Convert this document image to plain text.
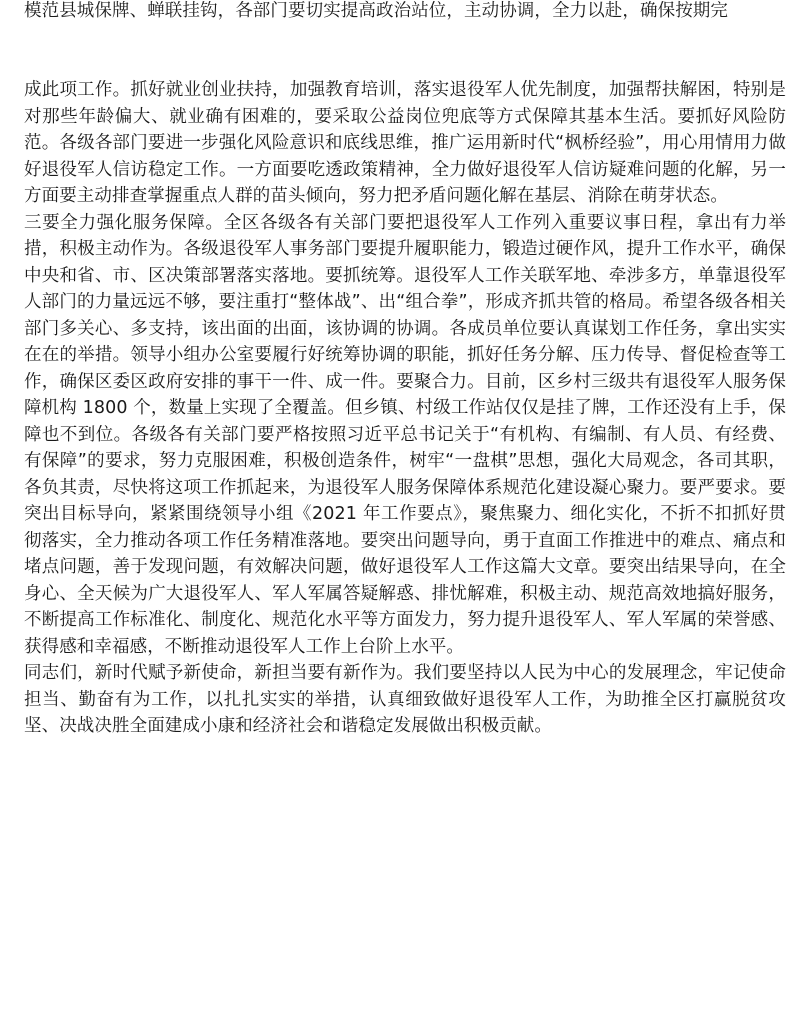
模范县城保牌、蝉联挂钩，各部门要切实提高政治站位，主动协调，全力以赴，确保按期完

成此项工作。抓好就业创业扶持，加强教育培训，落实退役军人优先制度，加强帮扶解困，特别是对那些年龄偏大、就业确有困难的，要采取公益岗位兜底等方式保障其基本生活。要抓好风险防范。各级各部门要进一步强化风险意识和底线思维，推广运用新时代“枫桥经验”，用心用情用力做好退役军人信访稳定工作。一方面要吃透政策精神，全力做好退役军人信访疑难问题的化解，另一方面要主动排查掌握重点人群的苗头倾向，努力把矛盾问题化解在基层、消除在萌芽状态。

三要全力强化服务保障。全区各级各有关部门要把退役军人工作列入重要议事日程，拿出有力举措，积极主动作为。各级退役军人事务部门要提升履职能力，锻造过硬作风，提升工作水平，确保中央和省、市、区决策部署落实落地。要抓统筹。退役军人工作关联军地、牵涉多方，单靠退役军人部门的力量远远不够，要注重打“整体战”、出“组合拳”，形成齐抓共管的格局。希望各级各相关部门多关心、多支持，该出面的出面，该协调的协调。各成员单位要认真谋划工作任务，拿出实实在在的举措。领导小组办公室要履行好统筹协调的职能，抓好任务分解、压力传导、督促检查等工作，确保区委区政府安排的事干一件、成一件。要聚合力。目前，区乡村三级共有退役军人服务保障机构 1800 个，数量上实现了全覆盖。但乡镇、村级工作站仅仅是挂了牌，工作还没有上手，保障也不到位。各级各有关部门要严格按照习近平总书记关于“有机构、有编制、有人员、有经费、有保障”的要求，努力克服困难，积极创造条件，树牢“一盘棋”思想，强化大局观念，各司其职，各负其责，尽快将这项工作抓起来，为退役军人服务保障体系规范化建设凝心聚力。要严要求。要突出目标导向，紧紧围绕领导小组《2021 年工作要点》，聚焦聚力、细化实化，不折不扣抓好贯彻落实，全力推动各项工作任务精准落地。要突出问题导向，勇于直面工作推进中的难点、痛点和堵点问题，善于发现问题，有效解决问题，做好退役军人工作这篇大文章。要突出结果导向，在全身心、全天候为广大退役军人、军人军属答疑解惑、排忧解难，积极主动、规范高效地搞好服务，不断提高工作标准化、制度化、规范化水平等方面发力，努力提升退役军人、军人军属的荣誉感、获得感和幸福感，不断推动退役军人工作上台阶上水平。

同志们，新时代赋予新使命，新担当要有新作为。我们要坚持以人民为中心的发展理念，牢记使命担当、勤奋有为工作，以扎扎实实的举措，认真细致做好退役军人工作，为助推全区打赢脱贫攻坚、决战决胜全面建成小康和经济社会和谐稳定发展做出积极贡献。
